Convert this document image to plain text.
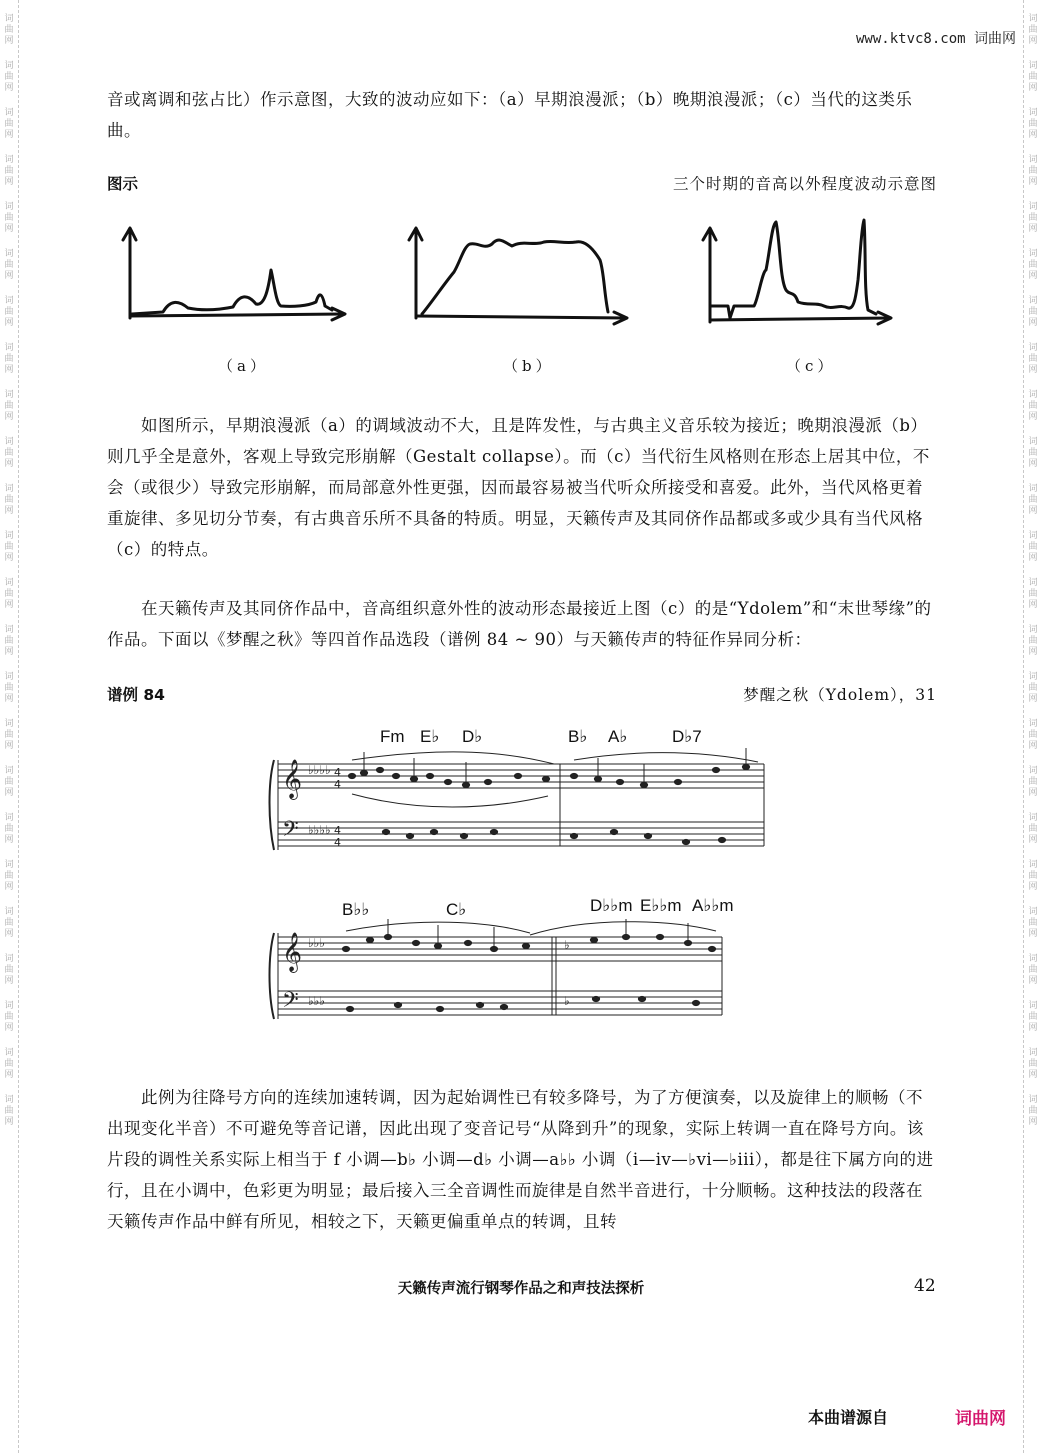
词
曲
网
词
曲
网
词
曲
网
词
曲
网
词
曲
网
词
曲
网
词
曲
网
词
曲
网
词
曲
网
词
曲
网
词
曲
网
词
曲
网
词
曲
网
词
曲
网
词
曲
网
词
曲
网
词
曲
网
词
曲
网
词
曲
网
词
曲
网
词
曲
网
词
曲
网
词
曲
网
词
曲
网
词
曲
网
词
曲
网
词
曲
网
词
曲
网
词
曲
网
词
曲
网
词
曲
网
词
曲
网
词
曲
网
词
曲
网
词
曲
网
词
曲
网
词
曲
网
词
曲
网
词
曲
网
词
曲
网
词
曲
网
词
曲
网
词
曲
网
词
曲
网
词
曲
网
词
曲
网
词
曲
网
词
曲
网
www.ktvc8.com 词曲网
音或离调和弦占比）作示意图，大致的波动应如下：（a）早期浪漫派；（b）晚期浪漫派；（c）当代的这类乐曲。
图示	三个时期的音高以外程度波动示意图
（a）	（b）	（c）
如图所示，早期浪漫派（a）的调域波动不大，且是阵发性，与古典主义音乐较为接近；晚期浪漫派（b）则几乎全是意外，客观上导致完形崩解（Gestalt collapse）。而（c）当代衍生风格则在形态上居其中位，不会（或很少）导致完形崩解，而局部意外性更强，因而最容易被当代听众所接受和喜爱。此外，当代风格更着重旋律、多见切分节奏，有古典音乐所不具备的特质。明显，天籁传声及其同侪作品都或多或少具有当代风格（c）的特点。
在天籁传声及其同侪作品中，音高组织意外性的波动形态最接近上图（c）的是“Ydolem”和“末世琴缘”的作品。下面以《梦醒之秋》等四首作品选段（谱例 84 ~ 90）与天籁传声的特征作异同分析：
谱例 84	梦醒之秋（Ydolem），31
Fm E♭ D♭	B♭ A♭	D♭7
𝄞
𝄢
♭♭♭♭
♭♭♭♭
4
4
4
4
B♭♭	C♭	D♭♭m E♭♭m A♭♭m
𝄞
𝄢
♭♭♭
♭♭♭
♭
♭
此例为往降号方向的连续加速转调，因为起始调性已有较多降号，为了方便演奏，以及旋律上的顺畅（不出现变化半音）不可避免等音记谱，因此出现了变音记号“从降到升”的现象，实际上转调一直在降号方向。该片段的调性关系实际上相当于 f 小调—b♭ 小调—d♭ 小调—a♭♭ 小调（i—iv—♭vi—♭iii），都是往下属方向的进行，且在小调中，色彩更为明显；最后接入三全音调性而旋律是自然半音进行，十分顺畅。这种技法的段落在天籁传声作品中鲜有所见，相较之下，天籁更偏重单点的转调，且转
天籁传声流行钢琴作品之和声技法探析	42
本曲谱源自	词曲网
